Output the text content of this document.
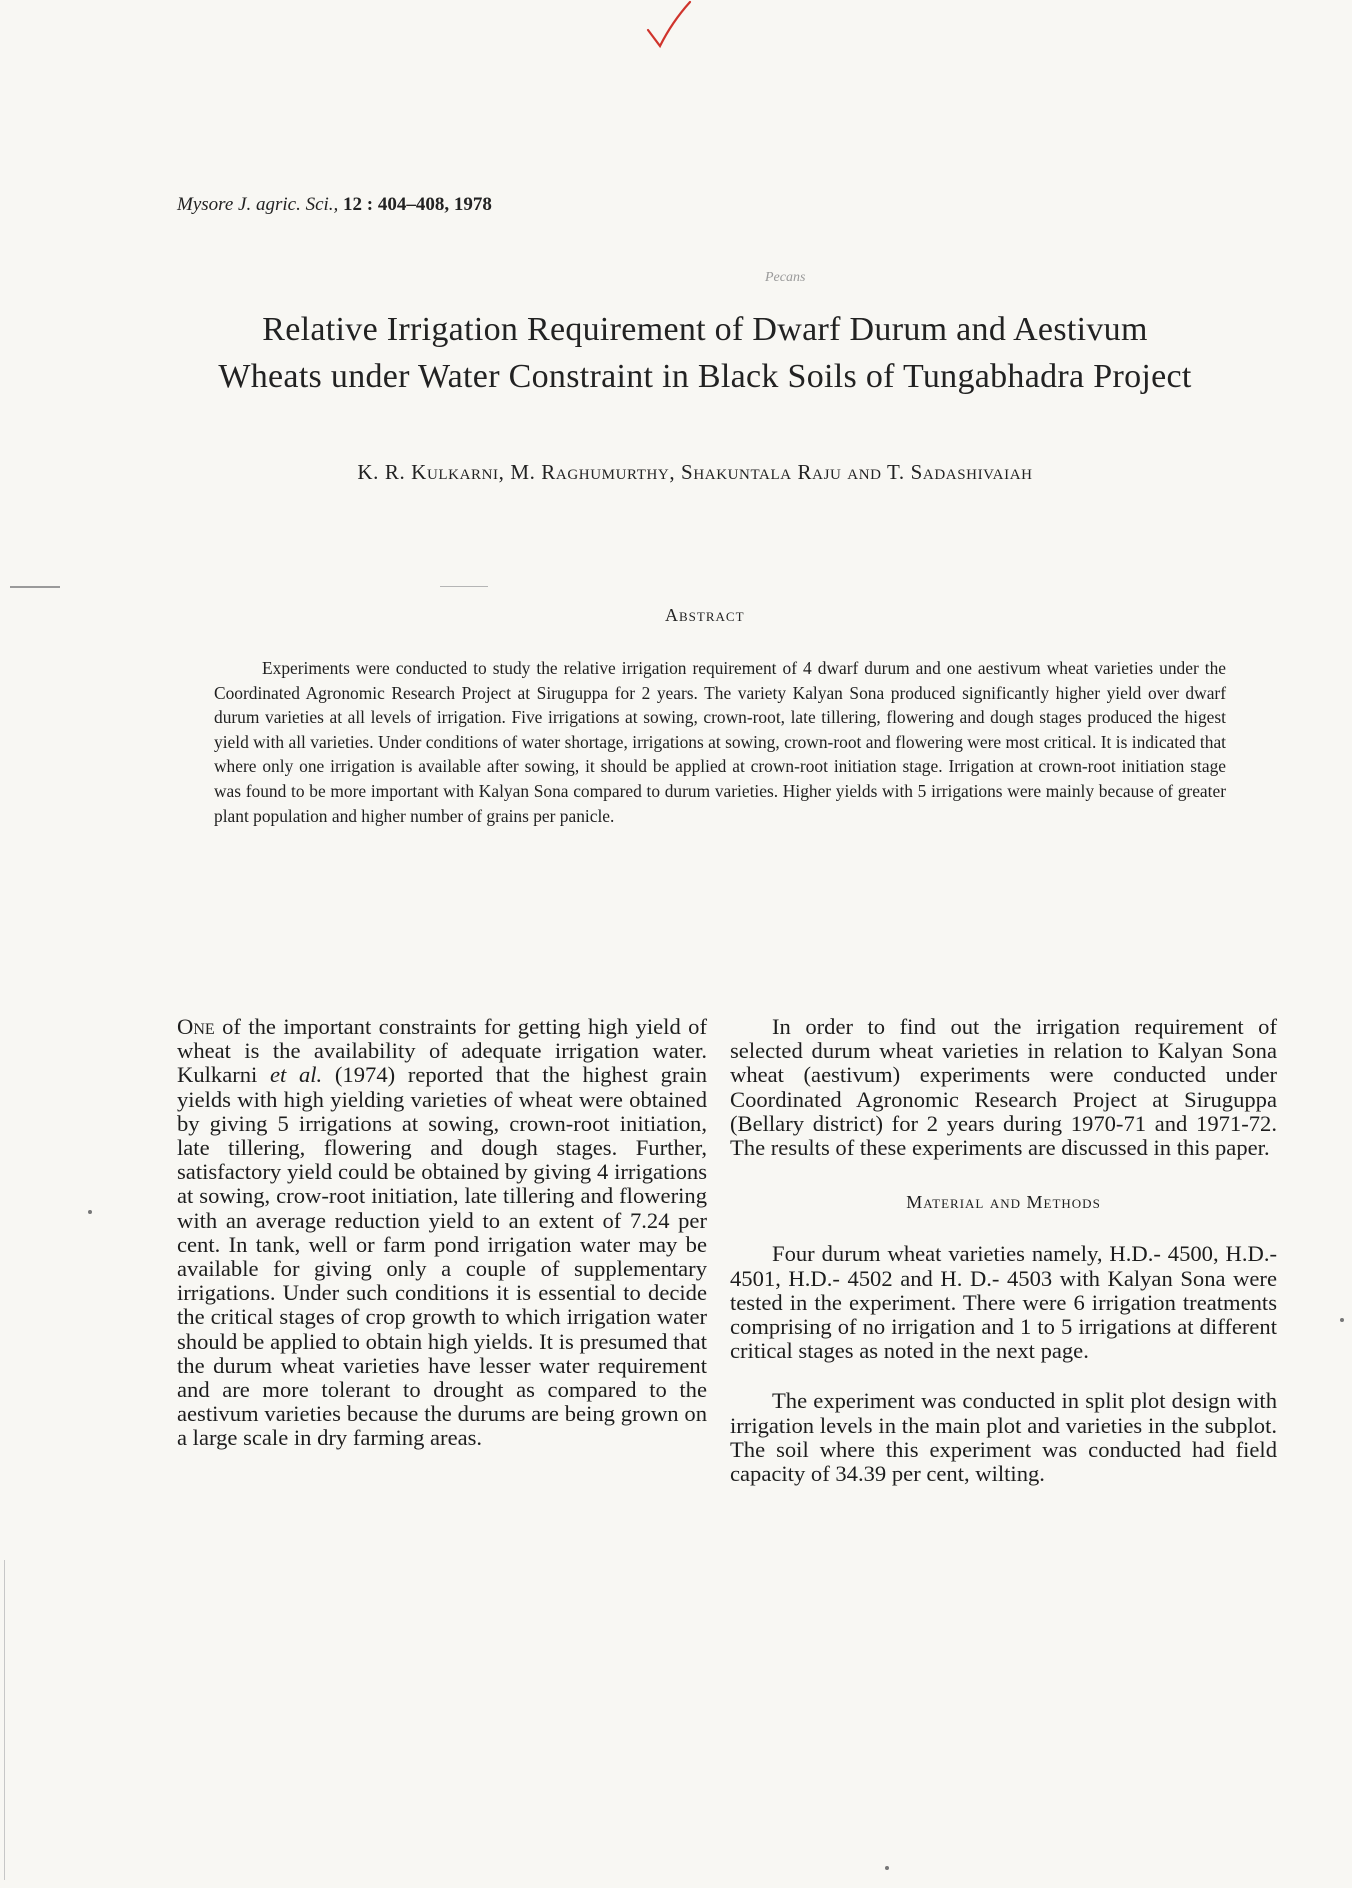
Mysore J. agric. Sci., 12 : 404–408, 1978
Pecans
Relative Irrigation Requirement of Dwarf Durum and Aestivum
Wheats under Water Constraint in Black Soils of Tungabhadra Project
K. R. Kulkarni, M. Raghumurthy, Shakuntala Raju and T. Sadashivaiah
Abstract
Experiments were conducted to study the relative irrigation requirement of 4 dwarf durum and one aestivum wheat varieties under the Coordinated Agronomic Research Project at Siruguppa for 2 years. The variety Kalyan Sona produced significantly higher yield over dwarf durum varieties at all levels of irrigation. Five irrigations at sowing, crown-root, late tillering, flowering and dough stages produced the higest yield with all varieties. Under conditions of water shortage, irrigations at sowing, crown-root and flowering were most critical. It is indicated that where only one irrigation is available after sowing, it should be applied at crown-root initiation stage. Irrigation at crown-root initiation stage was found to be more important with Kalyan Sona compared to durum varieties. Higher yields with 5 irrigations were mainly because of greater plant population and higher number of grains per panicle.

One of the important constraints for getting high yield of wheat is the availability of adequate irrigation water. Kulkarni et al. (1974) reported that the highest grain yields with high yielding varieties of wheat were obtained by giving 5 irrigations at sowing, crown-root initiation, late tillering, flowering and dough stages. Further, satisfactory yield could be obtained by giving 4 irrigations at sowing, crow-root initiation, late tillering and flowering with an average reduction yield to an extent of 7.24 per cent. In tank, well or farm pond irrigation water may be available for giving only a couple of supplementary irrigations. Under such conditions it is essential to decide the critical stages of crop growth to which irrigation water should be applied to obtain high yields. It is presumed that the durum wheat varieties have lesser water requirement and are more tolerant to drought as compared to the aestivum varieties because the durums are being grown on a large scale in dry farming areas.

In order to find out the irrigation requirement of selected durum wheat varieties in relation to Kalyan Sona wheat (aestivum) experiments were conducted under Coordinated Agronomic Research Project at Siruguppa (Bellary district) for 2 years during 1970-71 and 1971-72. The results of these experiments are discussed in this paper.

Material and Methods

Four durum wheat varieties namely, H.D.- 4500, H.D.- 4501, H.D.- 4502 and H. D.- 4503 with Kalyan Sona were tested in the experiment. There were 6 irrigation treatments comprising of no irrigation and 1 to 5 irrigations at different critical stages as noted in the next page.

The experiment was conducted in split plot design with irrigation levels in the main plot and varieties in the subplot. The soil where this experiment was conducted had field capacity of 34.39 per cent, wilting.
